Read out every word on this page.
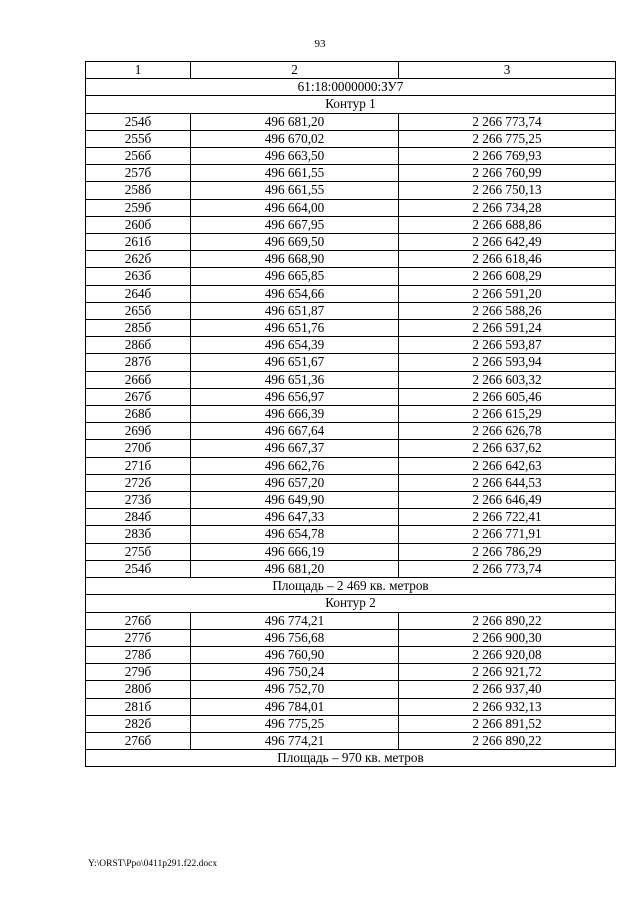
93
1	2	3
61:18:0000000:ЗУ7		
Контур 1		
254б	496 681,20	2 266 773,74
255б	496 670,02	2 266 775,25
256б	496 663,50	2 266 769,93
257б	496 661,55	2 266 760,99
258б	496 661,55	2 266 750,13
259б	496 664,00	2 266 734,28
260б	496 667,95	2 266 688,86
261б	496 669,50	2 266 642,49
262б	496 668,90	2 266 618,46
263б	496 665,85	2 266 608,29
264б	496 654,66	2 266 591,20
265б	496 651,87	2 266 588,26
285б	496 651,76	2 266 591,24
286б	496 654,39	2 266 593,87
287б	496 651,67	2 266 593,94
266б	496 651,36	2 266 603,32
267б	496 656,97	2 266 605,46
268б	496 666,39	2 266 615,29
269б	496 667,64	2 266 626,78
270б	496 667,37	2 266 637,62
271б	496 662,76	2 266 642,63
272б	496 657,20	2 266 644,53
273б	496 649,90	2 266 646,49
284б	496 647,33	2 266 722,41
283б	496 654,78	2 266 771,91
275б	496 666,19	2 266 786,29
254б	496 681,20	2 266 773,74
Площадь – 2 469 кв. метров		
Контур 2		
276б	496 774,21	2 266 890,22
277б	496 756,68	2 266 900,30
278б	496 760,90	2 266 920,08
279б	496 750,24	2 266 921,72
280б	496 752,70	2 266 937,40
281б	496 784,01	2 266 932,13
282б	496 775,25	2 266 891,52
276б	496 774,21	2 266 890,22
Площадь – 970 кв. метров		
Y:\ORST\Ppo\0411p291.f22.docx
